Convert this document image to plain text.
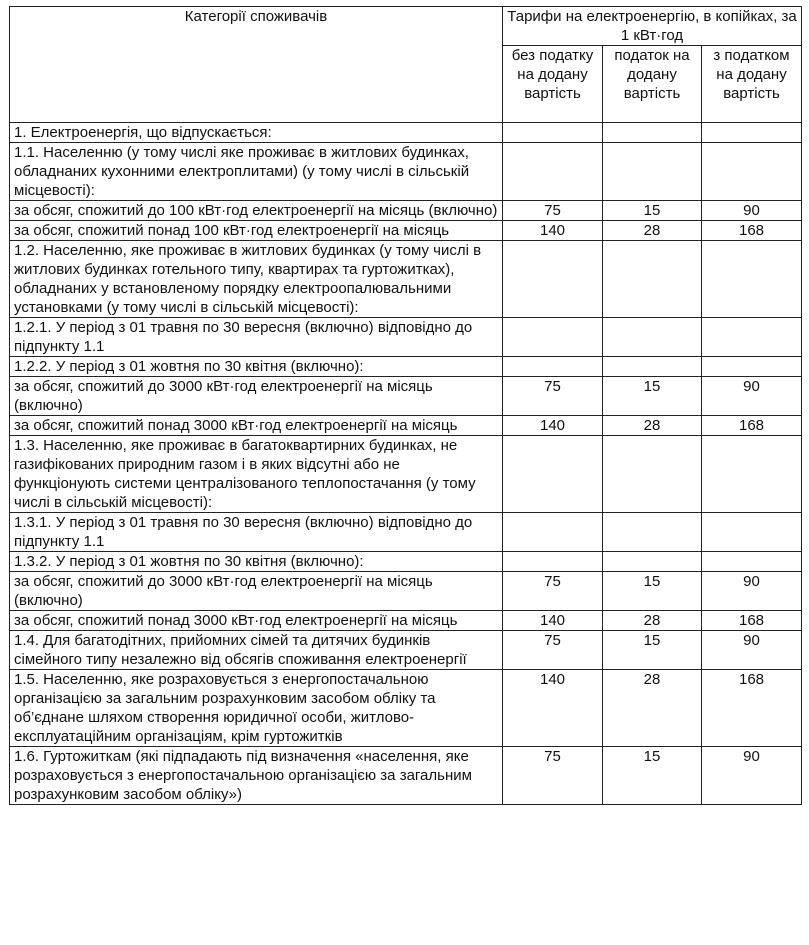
Категорії споживачів	Тарифи на електроенергію, в копійках, за 1 кВт·год		
	без податку на додану вартість	податок на додану вартість	з податком на додану вартість
1. Електроенергія, що відпускається:			
1.1. Населенню (у тому числі яке проживає в житлових будинках, обладнаних кухонними електроплитами) (у тому числі в сільській місцевості):			
за обсяг, спожитий до 100 кВт·год електроенергії на місяць (включно)	75	15	90
за обсяг, спожитий понад 100 кВт·год електроенергії на місяць	140	28	168
1.2. Населенню, яке проживає в житлових будинках (у тому числі в житлових будинках готельного типу, квартирах та гуртожитках), обладнаних у встановленому порядку електроопалювальними установками (у тому числі в сільській місцевості):			
1.2.1. У період з 01 травня по 30 вересня (включно) відповідно до підпункту 1.1			
1.2.2. У період з 01 жовтня по 30 квітня (включно):			
за обсяг, спожитий до 3000 кВт·год електроенергії на місяць (включно)	75	15	90
за обсяг, спожитий понад 3000 кВт·год електроенергії на місяць	140	28	168
1.3. Населенню, яке проживає в багатоквартирних будинках, не газифікованих природним газом і в яких відсутні або не функціонують системи централізованого теплопостачання (у тому числі в сільській місцевості):			
1.3.1. У період з 01 травня по 30 вересня (включно) відповідно до підпункту 1.1			
1.3.2. У період з 01 жовтня по 30 квітня (включно):			
за обсяг, спожитий до 3000 кВт·год електроенергії на місяць (включно)	75	15	90
за обсяг, спожитий понад 3000 кВт·год електроенергії на місяць	140	28	168
1.4. Для багатодітних, прийомних сімей та дитячих будинків сімейного типу незалежно від обсягів споживання електроенергії	75	15	90
1.5. Населенню, яке розраховується з енергопостачальною організацією за загальним розрахунковим засобом обліку та об’єднане шляхом створення юридичної особи, житлово-експлуатаційним організаціям, крім гуртожитків	140	28	168
1.6. Гуртожиткам (які підпадають під визначення «населення, яке розраховується з енергопостачальною організацією за загальним розрахунковим засобом обліку»)	75	15	90
